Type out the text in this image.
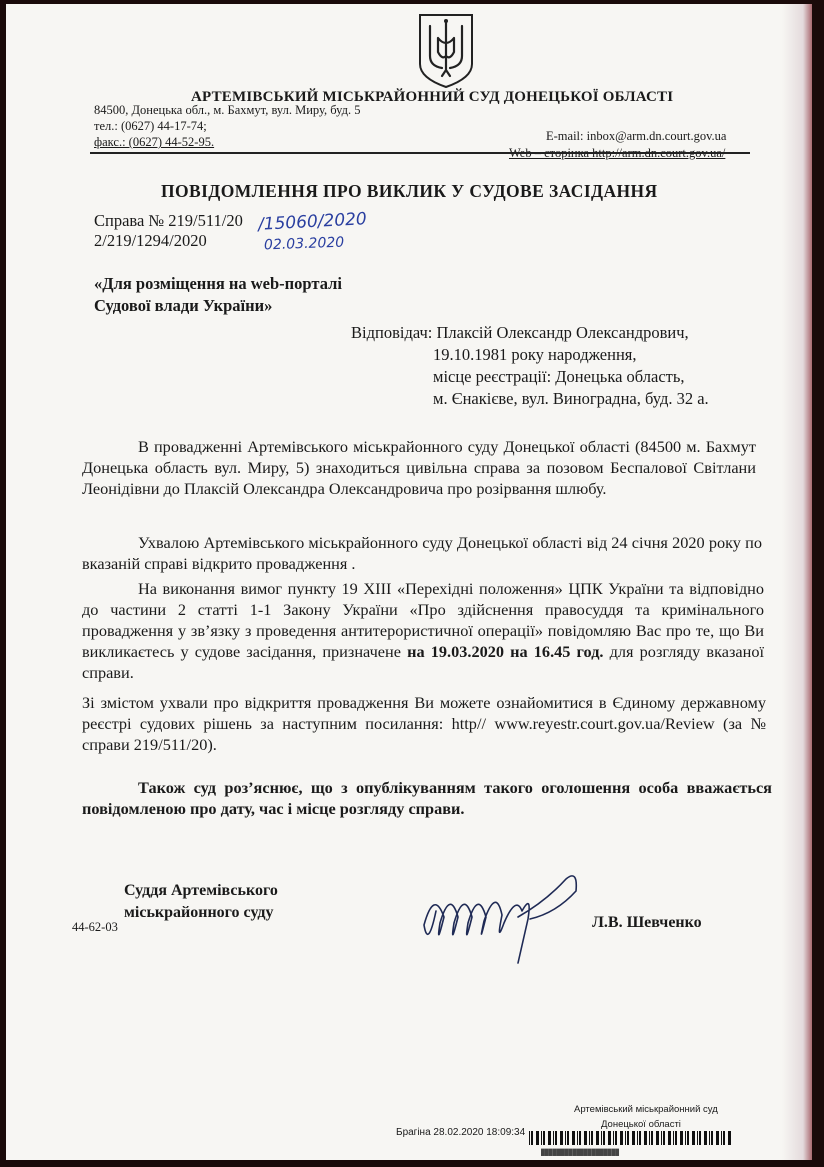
АРТЕМІВСЬКИЙ МІСЬКРАЙОННИЙ СУД ДОНЕЦЬКОЇ ОБЛАСТІ
84500, Донецька обл., м. Бахмут, вул. Миру, буд. 5
тел.: (0627) 44-17-74;
факс.: (0627) 44-52-95.	E-mail: inbox@arm.dn.court.gov.ua
Web – сторінка http://arm.dn.court.gov.ua/
ПОВІДОМЛЕННЯ ПРО ВИКЛИК У СУДОВЕ ЗАСІДАННЯ
Справа № 219/511/20
2/219/1294/2020
/15060/2020
02.03.2020
«Для розміщення на web-порталі
Судової влади України»
Відповідач: Плаксій Олександр Олександрович,
19.10.1981 року народження,
місце реєстрації: Донецька область,
м. Єнакієве, вул. Виноградна, буд. 32 а.
В провадженні Артемівського міськрайонного суду Донецької області (84500 м. Бахмут Донецька область вул. Миру, 5) знаходиться цивільна справа за позовом Беспалової Світлани Леонідівни до Плаксій Олександра Олександровича про розірвання шлюбу.
Ухвалою Артемівського міськрайонного суду Донецької області від 24 січня 2020 року по вказаній справі відкрито провадження .
На виконання вимог пункту 19 ХІІІ «Перехідні положення» ЦПК України та відповідно до частини 2 статті 1-1 Закону України «Про здійснення правосуддя та кримінального провадження у зв’язку з проведення антитерористичної операції» повідомляю Вас про те, що Ви викликаєтесь у судове засідання, призначене на 19.03.2020 на 16.45 год. для розгляду вказаної справи.
Зі змістом ухвали про відкриття провадження Ви можете ознайомитися в Єдиному державному реєстрі судових рішень за наступним посилання: http// www.reyestr.court.gov.ua/Review (за № справи 219/511/20).
Також суд роз’яснює, що з опублікуванням такого оголошення особа вважається повідомленою про дату, час і місце розгляду справи.
Суддя Артемівського
міськрайонного суду
44-62-03	Л.В. Шевченко
Артемівський міськрайонний суд
Донецької області
Брагіна 28.02.2020 18:09:34
████████████████████
